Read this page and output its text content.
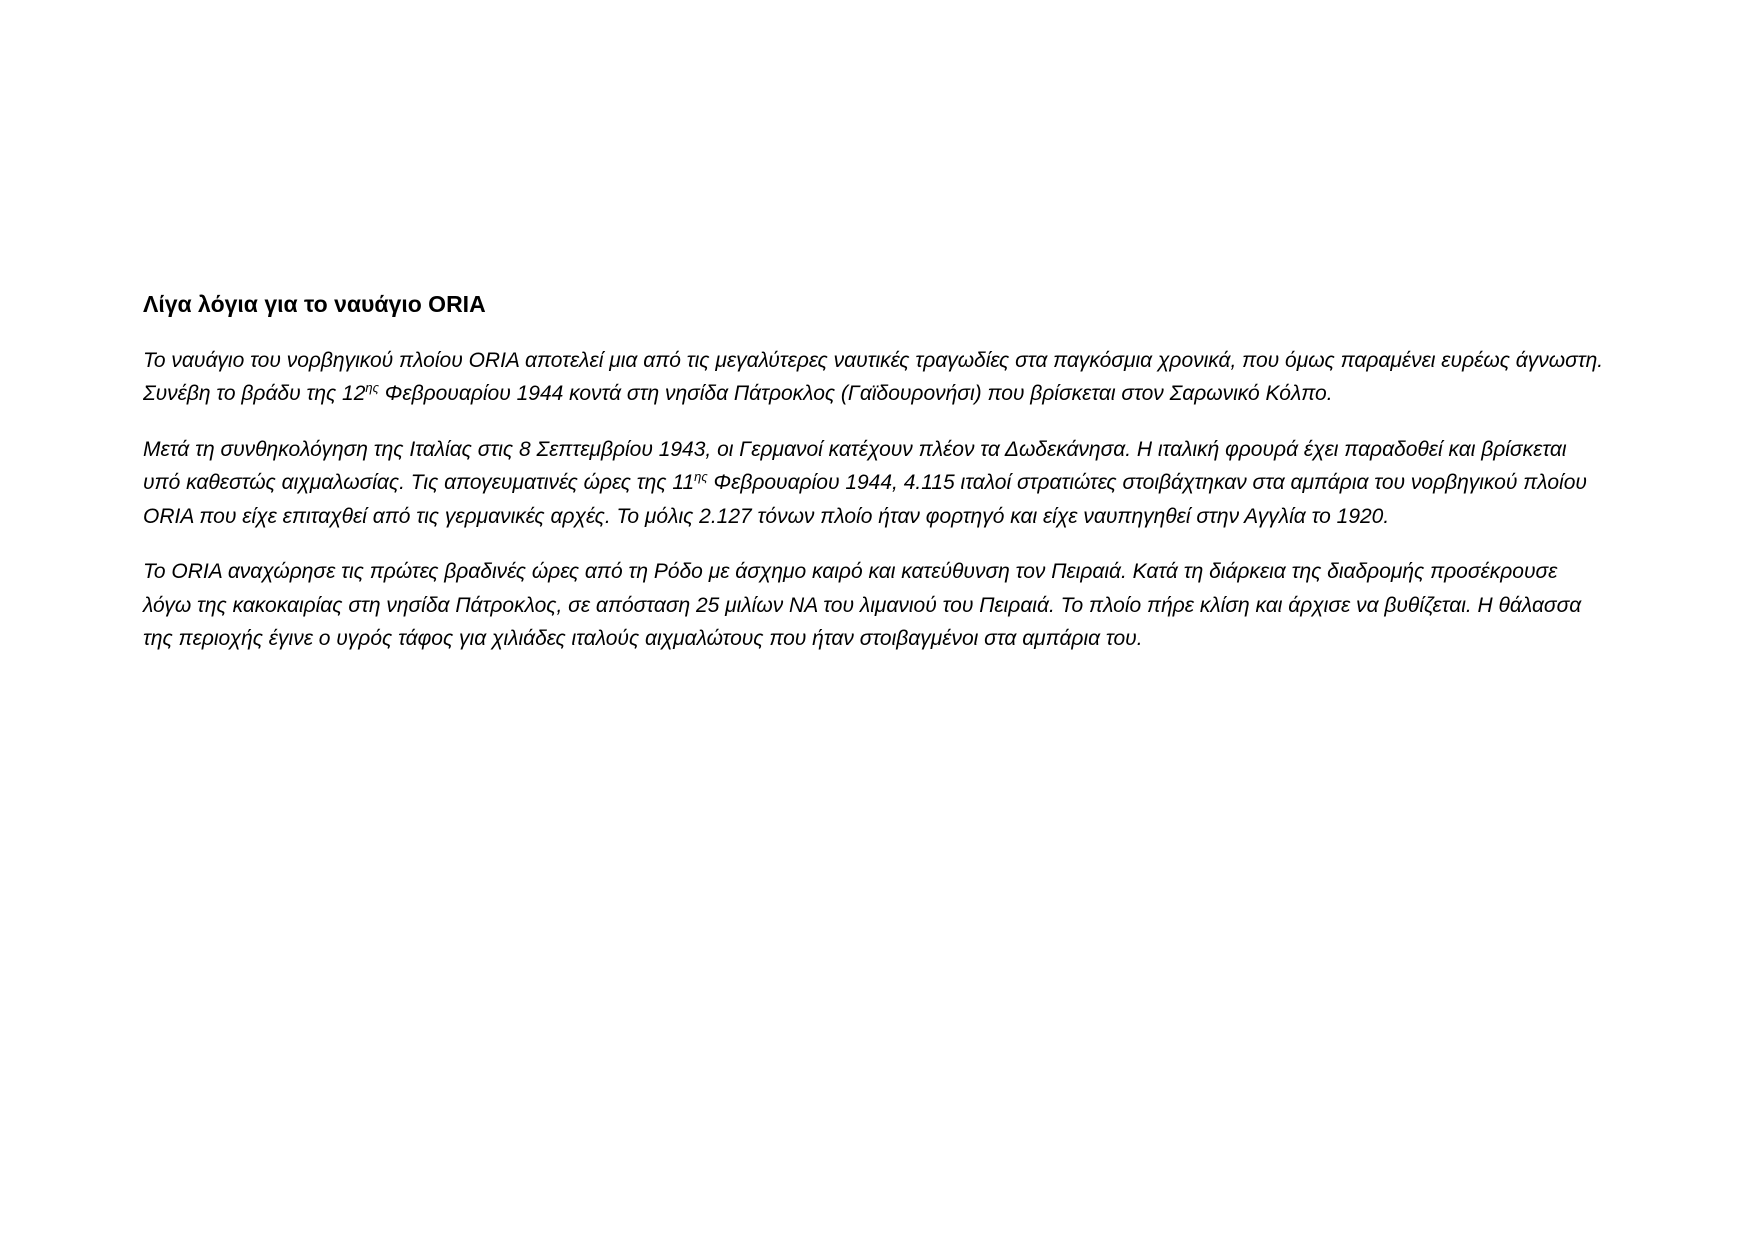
Λίγα λόγια για το ναυάγιο ORIA

Το ναυάγιο του νορβηγικού πλοίου ORIA αποτελεί μια από τις μεγαλύτερες ναυτικές τραγωδίες στα παγκόσμια χρονικά, που όμως παραμένει ευρέως άγνωστη. Συνέβη το βράδυ της $12^{\eta\varsigma}$ Φεβρουαρίου 1944 κοντά στη νησίδα Πάτροκλος (Γαϊδουρονήσι) που βρίσκεται στον Σαρωνικό Κόλπο.

Μετά τη συνθηκολόγηση της Ιταλίας στις 8 Σεπτεμβρίου 1943, οι Γερμανοί κατέχουν πλέον τα Δωδεκάνησα. Η ιταλική φρουρά έχει παραδοθεί και βρίσκεται υπό καθεστώς αιχμαλωσίας. Τις απογευματινές ώρες της $11^{\eta\varsigma}$ Φεβρουαρίου 1944, 4.115 ιταλοί στρατιώτες στοιβάχτηκαν στα αμπάρια του νορβηγικού πλοίου ORIA που είχε επιταχθεί από τις γερμανικές αρχές. Το μόλις 2.127 τόνων πλοίο ήταν φορτηγό και είχε ναυπηγηθεί στην Αγγλία το 1920.

Το ORIA αναχώρησε τις πρώτες βραδινές ώρες από τη Ρόδο με άσχημο καιρό και κατεύθυνση τον Πειραιά. Κατά τη διάρκεια της διαδρομής προσέκρουσε λόγω της κακοκαιρίας στη νησίδα Πάτροκλος, σε απόσταση 25 μιλίων ΝΑ του λιμανιού του Πειραιά. Το πλοίο πήρε κλίση και άρχισε να βυθίζεται. Η θάλασσα της περιοχής έγινε ο υγρός τάφος για χιλιάδες ιταλούς αιχμαλώτους που ήταν στοιβαγμένοι στα αμπάρια του.
